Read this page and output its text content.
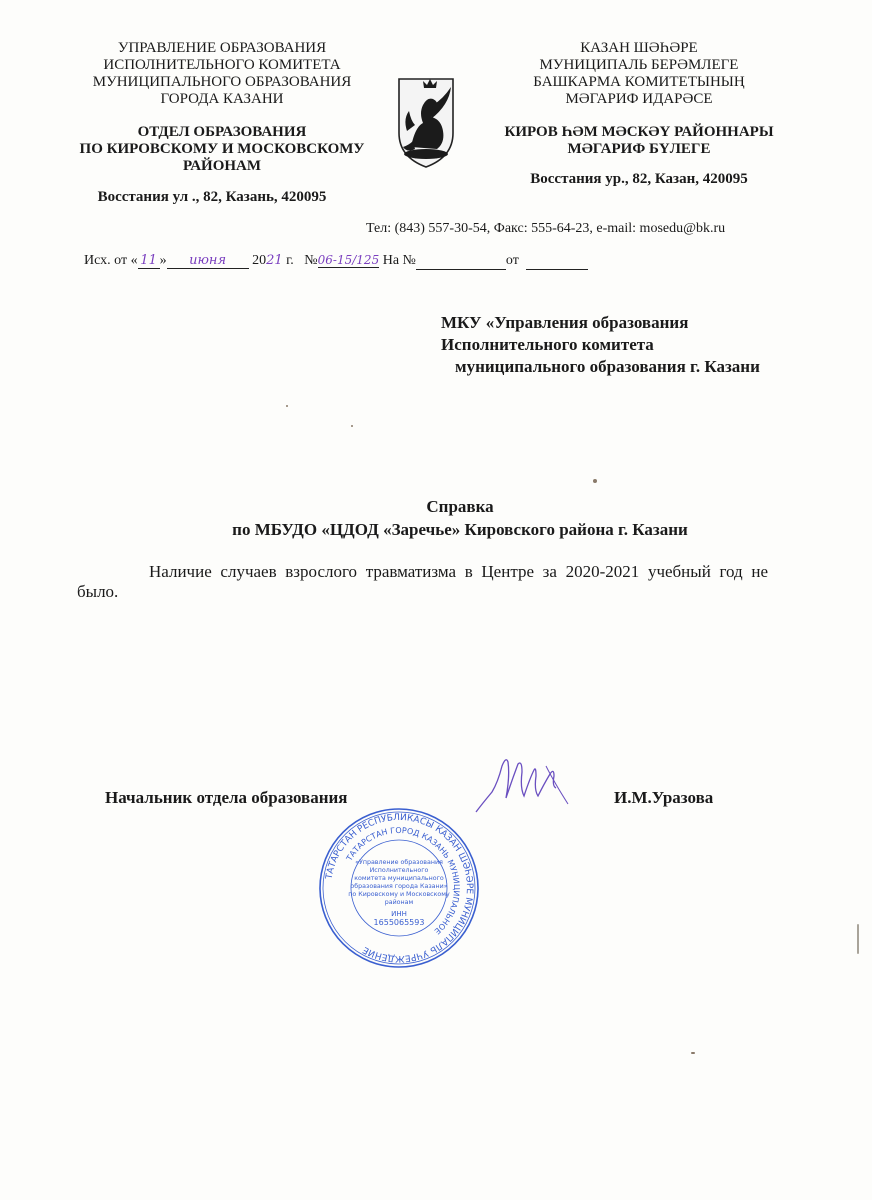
УПРАВЛЕНИЕ ОБРАЗОВАНИЯ
ИСПОЛНИТЕЛЬНОГО КОМИТЕТА
МУНИЦИПАЛЬНОГО ОБРАЗОВАНИЯ
ГОРОДА КАЗАНИ
ОТДЕЛ ОБРАЗОВАНИЯ
ПО КИРОВСКОМУ И МОСКОВСКОМУ
РАЙОНАМ
Восстания ул ., 82, Казань, 420095
КАЗАН ШӘҺӘРЕ
МУНИЦИПАЛЬ БЕРӘМЛЕГЕ
БАШКАРМА КОМИТЕТЫНЫҢ
МӘГАРИФ ИДАРӘСЕ
КИРОВ ҺӘМ МӘСКӘҮ РАЙОННАРЫ
МӘГАРИФ БҮЛЕГЕ
Восстания ур., 82, Казан, 420095
Тел: (843) 557-30-54, Факс: 555-64-23, e-mail: mosedu@bk.ru
Исх. от « 11 » июня 2021 г. №06-15/125 На №	от
МКУ «Управления образования
Исполнительного комитета
муниципального образования г. Казани
Справка
по МБУДО «ЦДОД «Заречье» Кировского района г. Казани
Наличие случаев взрослого травматизма в Центре за 2020-2021 учебный год не было.
Начальник отдела образования	И.М.Уразова
ТАТАРСТАН РЕСПУБЛИКАСЫ КАЗАН ШӘҺӘРЕ МУНИЦИПАЛЬ УЧРЕЖДЕНИЕ
ТАТАРСТАН ГОРОД КАЗАНЬ МУНИЦИПАЛЬНОЕ
«Управление образования
Исполнительного
комитета муниципального
образования города Казани»
по Кировскому и Московскому
районам
ИНН
1655065593
